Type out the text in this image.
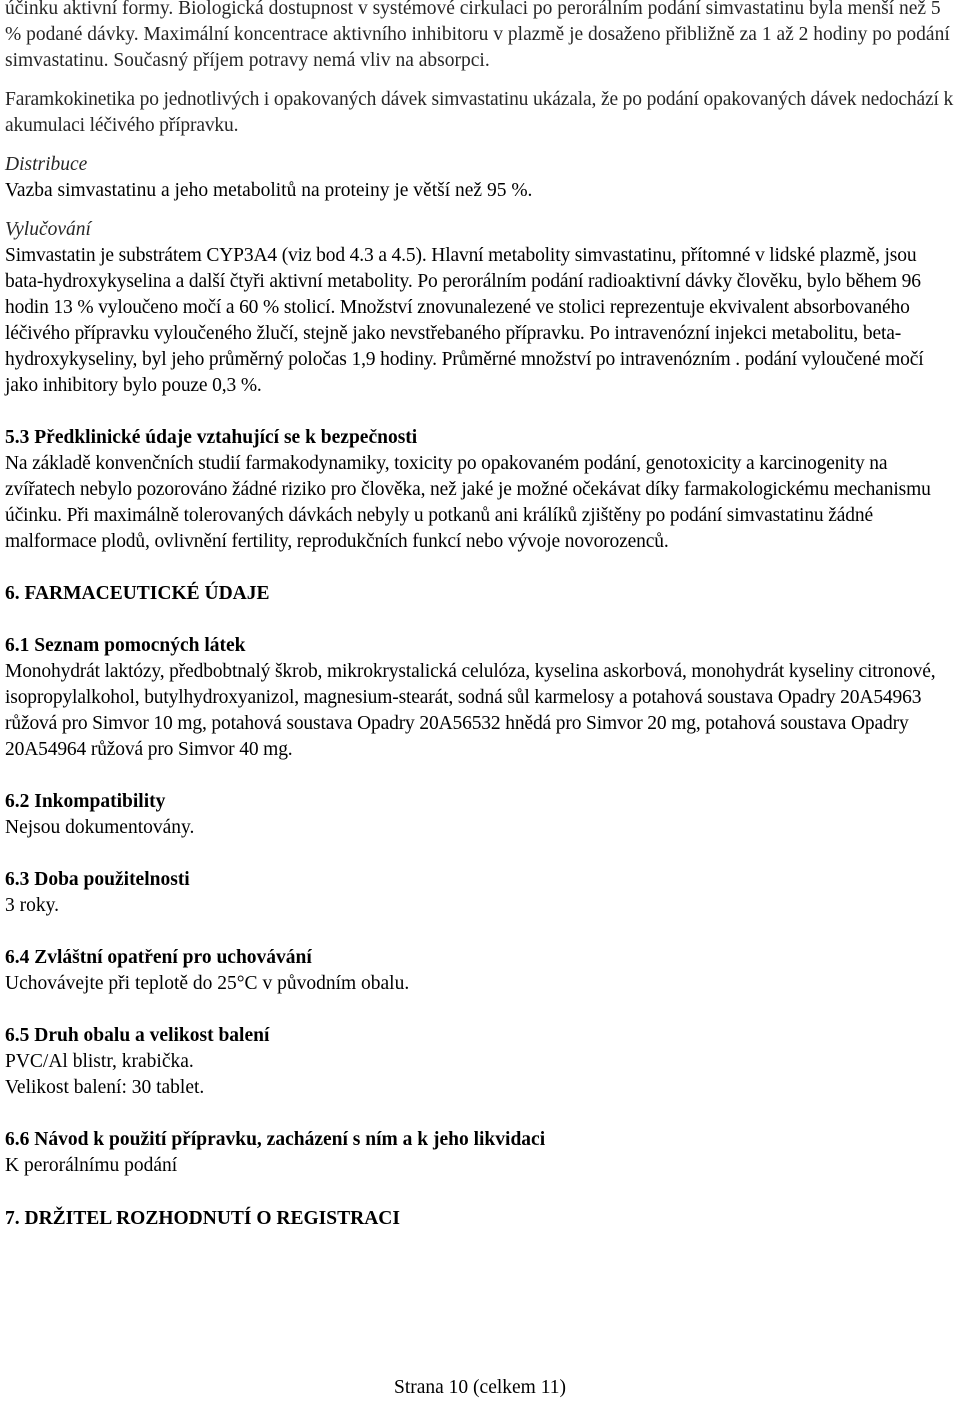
účinku aktivní formy. Biologická dostupnost v systémové cirkulaci po perorálním podání simvastatinu byla menší než 5 % podané dávky. Maximální koncentrace aktivního inhibitoru v plazmě je dosaženo přibližně za 1 až 2 hodiny po podání simvastatinu. Současný příjem potravy nemá vliv na absorpci.

Faramkokinetika po jednotlivých i opakovaných dávek simvastatinu ukázala, že po podání opakovaných dávek nedochází k akumulaci léčivého přípravku.

Distribuce

Vazba simvastatinu a jeho metabolitů na proteiny je větší než 95 %.

Vylučování

Simvastatin je substrátem CYP3A4 (viz bod 4.3 a 4.5). Hlavní metabolity simvastatinu, přítomné v lidské plazmě, jsou bata-hydroxykyselina a další čtyři aktivní metabolity. Po perorálním podání radioaktivní dávky člověku, bylo během 96 hodin 13 % vyloučeno močí a 60 % stolicí. Množství znovunalezené ve stolici reprezentuje ekvivalent absorbovaného léčivého přípravku vyloučeného žlučí, stejně jako nevstřebaného přípravku. Po intravenózní injekci metabolitu, beta-hydroxykyseliny, byl jeho průměrný poločas 1,9 hodiny. Průměrné množství po intravenózním . podání vyloučené močí jako inhibitory bylo pouze 0,3 %.

5.3 Předklinické údaje vztahující se k bezpečnosti

Na základě konvenčních studií farmakodynamiky, toxicity po opakovaném podání, genotoxicity a karcinogenity na zvířatech nebylo pozorováno žádné riziko pro člověka, než jaké je možné očekávat díky farmakologickému mechanismu účinku. Při maximálně tolerovaných dávkách nebyly u potkanů ani králíků zjištěny po podání simvastatinu žádné malformace plodů, ovlivnění fertility, reprodukčních funkcí nebo vývoje novorozenců.

6. FARMACEUTICKÉ ÚDAJE

6.1 Seznam pomocných látek

Monohydrát laktózy, předbobtnalý škrob, mikrokrystalická celulóza, kyselina askorbová, monohydrát kyseliny citronové, isopropylalkohol, butylhydroxyanizol, magnesium-stearát, sodná sůl karmelosy a potahová soustava Opadry 20A54963 růžová pro Simvor 10 mg, potahová soustava Opadry 20A56532 hnědá pro Simvor 20 mg, potahová soustava Opadry 20A54964 růžová pro Simvor 40 mg.

6.2 Inkompatibility

Nejsou dokumentovány.

6.3 Doba použitelnosti

3 roky.

6.4 Zvláštní opatření pro uchovávání

Uchovávejte při teplotě do 25°C v původním obalu.

6.5 Druh obalu a velikost balení

PVC/Al blistr, krabička.

Velikost balení: 30 tablet.

6.6 Návod k použití přípravku, zacházení s ním a k jeho likvidaci

K perorálnímu podání

7. DRŽITEL ROZHODNUTÍ O REGISTRACI

Strana 10 (celkem 11)
